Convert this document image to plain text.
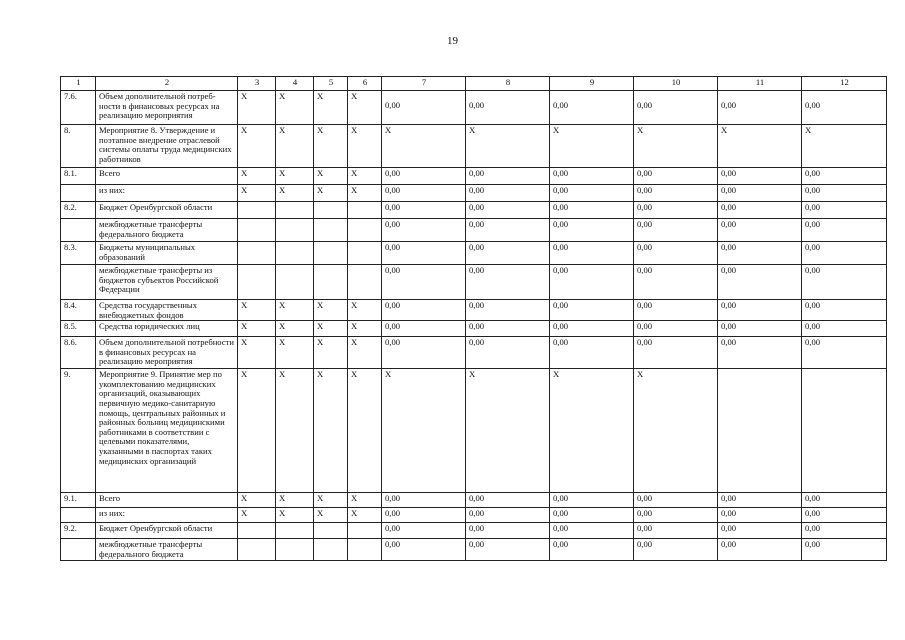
19
1	2	3	4	5	6	7	8	9	10	11	12
7.6.	Объем дополнительной потреб-ности в финансовых ресурсах на реализацию мероприятия	X	X	X	X	0,00	0,00	0,00	0,00	0,00	0,00
8.	Мероприятие 8. Утверждение и поэтапное внедрение отраслевой системы оплаты труда медицинских работников	X	X	X	X	X	X	X	X	X	X
8.1.	Всего	X	X	X	X	0,00	0,00	0,00	0,00	0,00	0,00
	из них:	X	X	X	X	0,00	0,00	0,00	0,00	0,00	0,00
8.2.	Бюджет Оренбургской области					0,00	0,00	0,00	0,00	0,00	0,00
	межбюджетные трансферты федерального бюджета					0,00	0,00	0,00	0,00	0,00	0,00
8.3.	Бюджеты муниципальных образований					0,00	0,00	0,00	0,00	0,00	0,00
	межбюджетные трансферты из бюджетов субъектов Российской Федерации					0,00	0,00	0,00	0,00	0,00	0,00
8.4.	Средства государственных внебюджетных фондов	X	X	X	X	0,00	0,00	0,00	0,00	0,00	0,00
8.5.	Средства юридических лиц	X	X	X	X	0,00	0,00	0,00	0,00	0,00	0,00
8.6.	Объем дополнительной потребности в финансовых ресурсах на реализацию мероприятия	X	X	X	X	0,00	0,00	0,00	0,00	0,00	0,00
9.	Мероприятие 9. Принятие мер по укомплектованию медицинских организаций, оказывающих первичную медико-санитарную помощь, центральных районных и районных больниц медицинскими работниками в соответствии с целевыми показателями, указанными в паспортах таких медицинских организаций	X	X	X	X	X	X	X	X		
9.1.	Всего	X	X	X	X	0,00	0,00	0,00	0,00	0,00	0,00
	из них:	X	X	X	X	0,00	0,00	0,00	0,00	0,00	0,00
9.2.	Бюджет Оренбургской области					0,00	0,00	0,00	0,00	0,00	0,00
	межбюджетные трансферты федерального бюджета					0,00	0,00	0,00	0,00	0,00	0,00
